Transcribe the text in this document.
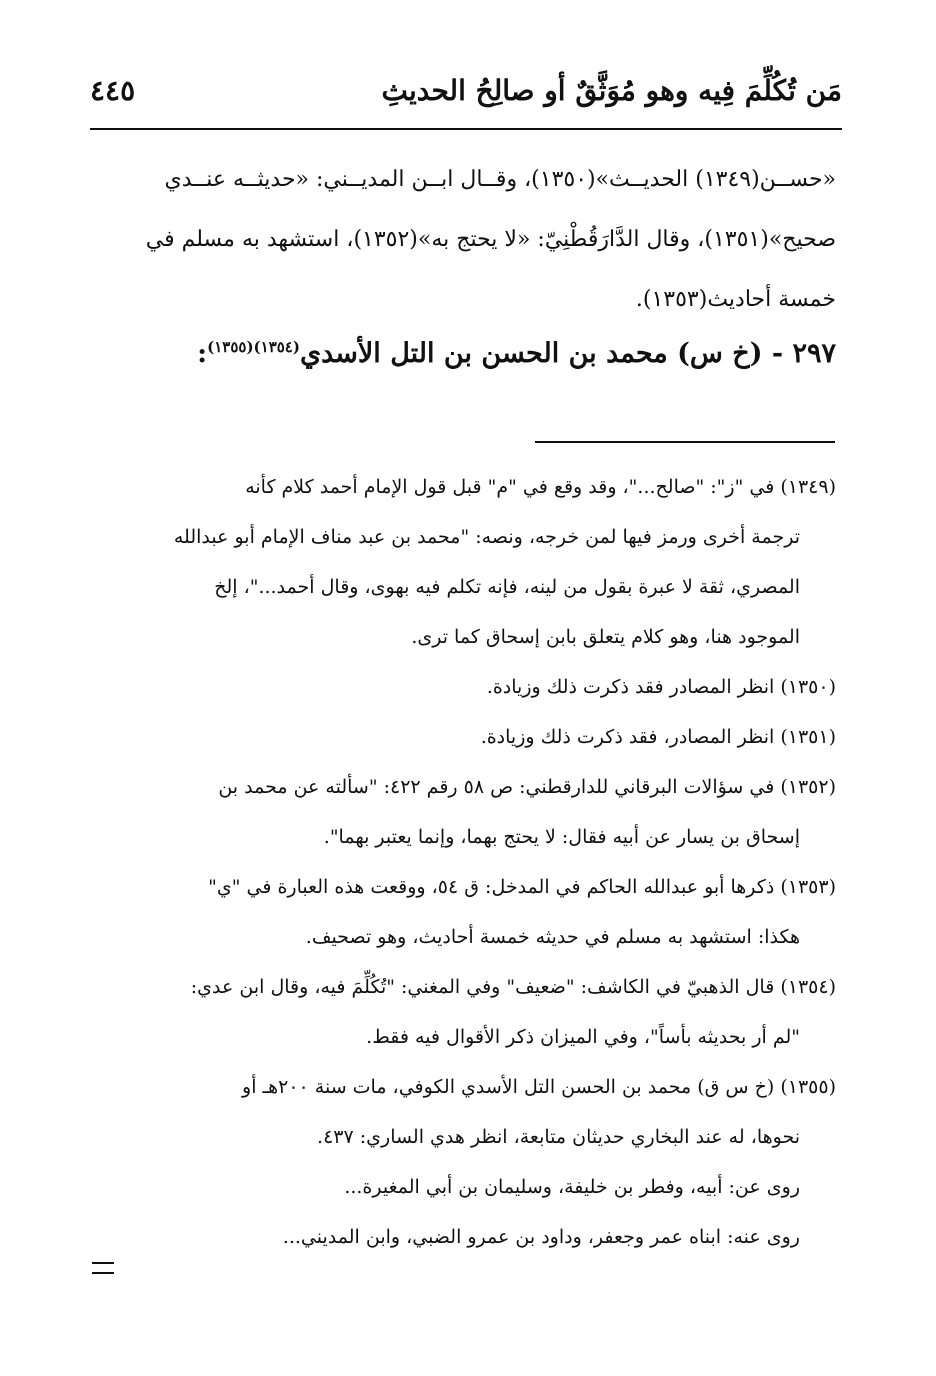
مَن تُكُلِّمَ فِيه وهو مُوَثَّقٌ أو صالِحُ الحديثِ
٤٤٥

«حســن(١٣٤٩) الحديــث»(١٣٥٠)، وقــال ابــن المديــني: «حديثــه عنــدي

صحيح»(١٣٥١)، وقال الدَّارَقُطْنِيّ: «لا يحتج به»(١٣٥٢)، استشهد به مسلم في

خمسة أحاديث(١٣٥٣).

٢٩٧ - (خ س) محمد بن الحسن بن التل الأسدي$^{(١٣٥٤)(١٣٥٥)}$:
(١٣٤٩) في "ز": "صالح..."، وقد وقع في "م" قبل قول الإمام أحمد كلام كأنه
ترجمة أخرى ورمز فيها لمن خرجه، ونصه: "محمد بن عبد مناف الإمام أبو عبدالله
المصري، ثقة لا عبرة بقول من لينه، فإنه تكلم فيه بهوى، وقال أحمد..."، إلخ
الموجود هنا، وهو كلام يتعلق بابن إسحاق كما ترى.
(١٣٥٠) انظر المصادر فقد ذكرت ذلك وزيادة.
(١٣٥١) انظر المصادر، فقد ذكرت ذلك وزيادة.
(١٣٥٢) في سؤالات البرقاني للدارقطني: ص ٥٨ رقم ٤٢٢: "سألته عن محمد بن
إسحاق بن يسار عن أبيه فقال: لا يحتج بهما، وإنما يعتبر بهما".
(١٣٥٣) ذكرها أبو عبدالله الحاكم في المدخل: ق ٥٤، ووقعت هذه العبارة في "ي"
هكذا: استشهد به مسلم في حديثه خمسة أحاديث، وهو تصحيف.
(١٣٥٤) قال الذهبيّ في الكاشف: "ضعيف" وفي المغني: "تُكُلِّمَ فيه، وقال ابن عدي:
"لم أر بحديثه بأساً"، وفي الميزان ذكر الأقوال فيه فقط.
(١٣٥٥) (خ س ق) محمد بن الحسن التل الأسدي الكوفي، مات سنة ٢٠٠هـ أو
نحوها، له عند البخاري حديثان متابعة، انظر هدي الساري: ٤٣٧.
روى عن: أبيه، وفطر بن خليفة، وسليمان بن أبي المغيرة...
روى عنه: ابناه عمر وجعفر، وداود بن عمرو الضبي، وابن المديني...
